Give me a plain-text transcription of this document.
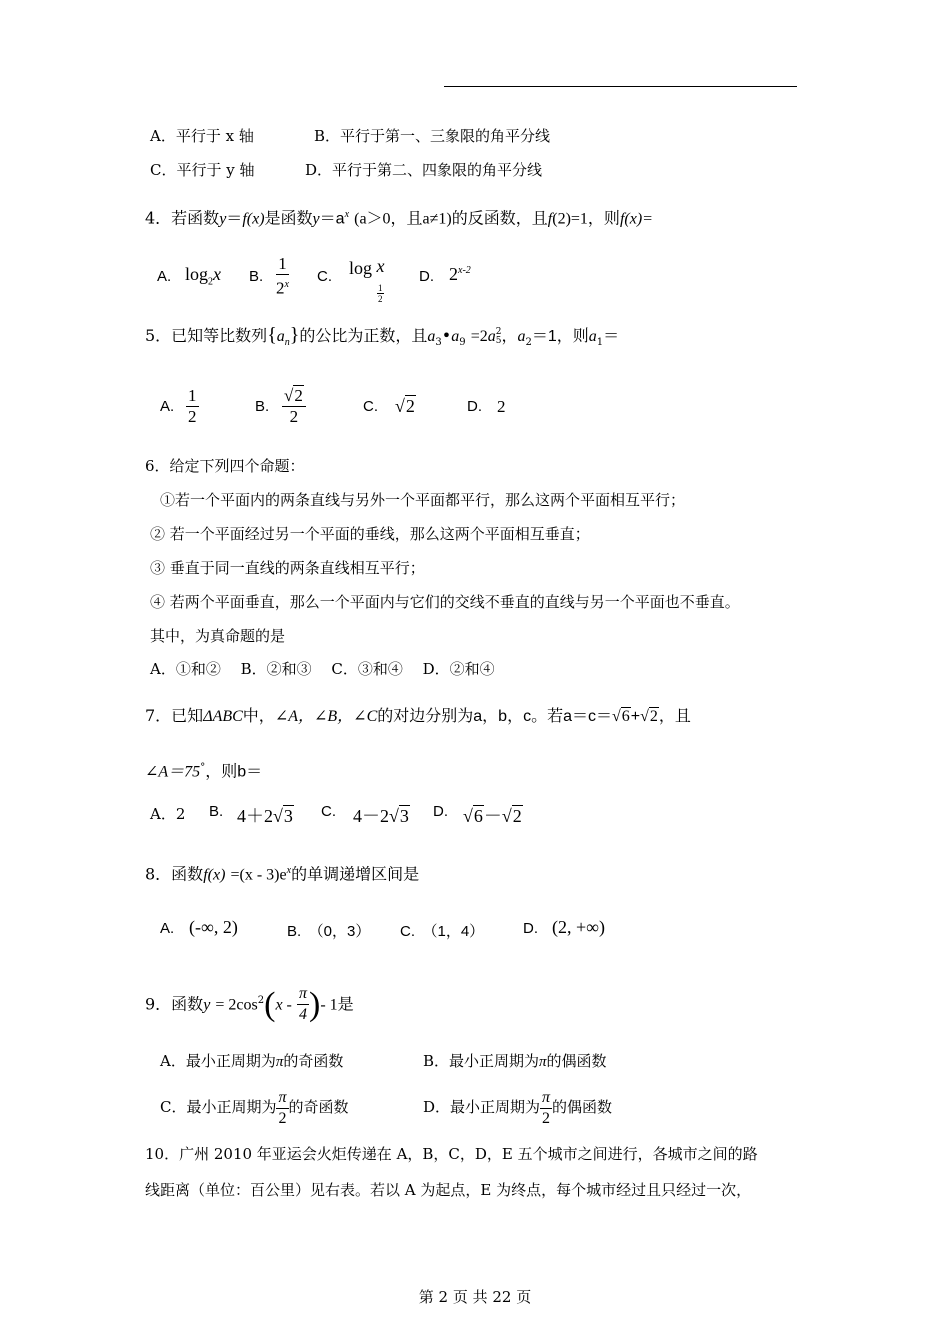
A．平行于 x 轴	B．平行于第一、三象限的角平分线
C．平行于 y 轴	D．平行于第二、四象限的角平分线
4．若函数y＝f(x)是函数$y=a^x$ (a＞0，且a≠1)的反函数，且f(2)=1，则f(x)=
A. $\log_2x$ B. $\frac{1}{2^x} C$. log x
$\frac{1}{2}$
D. 2$^{x-2}$
5．已知等比数列$\{a_n\}$的公比为正数，且$a_3•a_9 =2a$ 2
5 ，$a_2=1$，则$a_1=$
A. $\frac{1}{2}$	B. $\frac{√2}{2}$	C. √2	D. 2
6．给定下列四个命题：
①若一个平面内的两条直线与另外一个平面都平行，那么这两个平面相互平行；
② 若一个平面经过另一个平面的垂线，那么这两个平面相互垂直；
③ 垂直于同一直线的两条直线相互平行；
④ 若两个平面垂直，那么一个平面内与它们的交线不垂直的直线与另一个平面也不垂直。
其中，为真命题的是
A．①和②　 B．②和③　 C．③和④　 D．②和④
7．已知ΔABC中，∠A，∠B，∠C的对边分别为a，b，c。若a＝c＝√6+√2，且
∠A＝75°，则b＝
A．2 B. 4＋2√3 C. 4－2√3 D. √6－√2
8．函数$f(x) =(x - 3)e^x$的单调递增区间是
A. (-∞, 2)	B.　（0，3） C.　（1，4）	D. (2, +∞)
9．函数$y = 2\cos^2(x - \frac{\pi}{4}$ )- 1是
A．最小正周期为π的奇函数	B．最小正周期为π的偶函数
C．最小正周期为 $\frac{\pi}{2}$ 的奇函数	D．最小正周期为 $\frac{\pi}{2}$ 的偶函数
10．广州 2010 年亚运会火炬传递在 A，B，C，D，E 五个城市之间进行，各城市之间的路
线距离（单位：百公里）见右表。若以 A 为起点，E 为终点，每个城市经过且只经过一次，
第 2 页 共 22 页
